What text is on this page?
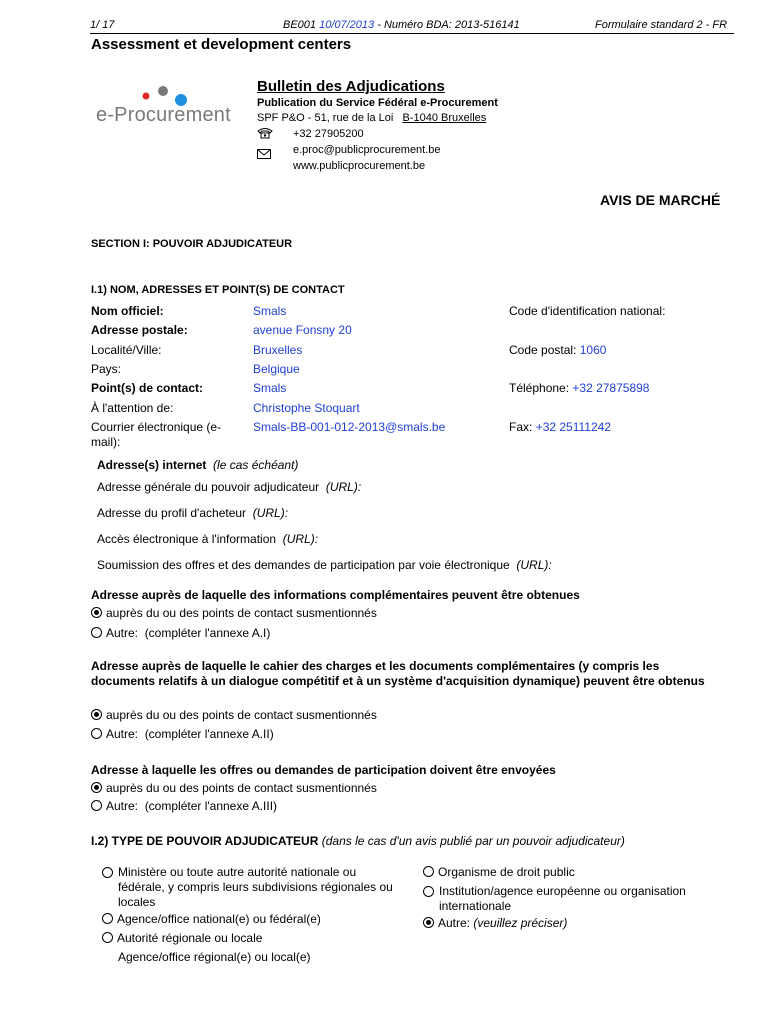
1/ 17	BE001 10/07/2013 - Numéro BDA: 2013-516141	Formulaire standard 2 - FR
Assessment et development centers
e-Procurement
Bulletin des Adjudications
Publication du Service Fédéral e-Procurement
SPF P&O - 51, rue de la Loi B-1040 Bruxelles
+32 27905200
e.proc@publicprocurement.be
www.publicprocurement.be
AVIS DE MARCHÉ
SECTION I: POUVOIR ADJUDICATEUR
I.1) NOM, ADRESSES ET POINT(S) DE CONTACT
Nom officiel:	Smals	Code d'identification national:
Adresse postale:	avenue Fonsny 20
Localité/Ville:	Bruxelles	Code postal: 1060
Pays:	Belgique
Point(s) de contact:	Smals	Téléphone: +32 27875898
À l'attention de:	Christophe Stoquart
Courrier électronique (e-mail):
Smals-BB-001-012-2013@smals.be	Fax: +32 25111242
Adresse(s) internet (le cas échéant)
Adresse générale du pouvoir adjudicateur (URL):
Adresse du profil d'acheteur (URL):
Accès électronique à l'information (URL):
Soumission des offres et des demandes de participation par voie électronique (URL):
Adresse auprès de laquelle des informations complémentaires peuvent être obtenues
auprès du ou des points de contact susmentionnés
Autre: (compléter l'annexe A.I)
Adresse auprès de laquelle le cahier des charges et les documents complémentaires (y compris les documents relatifs à un dialogue compétitif et à un système d'acquisition dynamique) peuvent être obtenus
auprès du ou des points de contact susmentionnés
Autre: (compléter l'annexe A.II)
Adresse à laquelle les offres ou demandes de participation doivent être envoyées
auprès du ou des points de contact susmentionnés
Autre: (compléter l'annexe A.III)
I.2) TYPE DE POUVOIR ADJUDICATEUR (dans le cas d'un avis publié par un pouvoir adjudicateur)
Ministère ou toute autre autorité nationale ou fédérale, y compris leurs subdivisions régionales ou locales
Agence/office national(e) ou fédéral(e)
Autorité régionale ou locale
Agence/office régional(e) ou local(e)
Organisme de droit public
Institution/agence européenne ou organisation internationale
Autre: (veuillez préciser)
